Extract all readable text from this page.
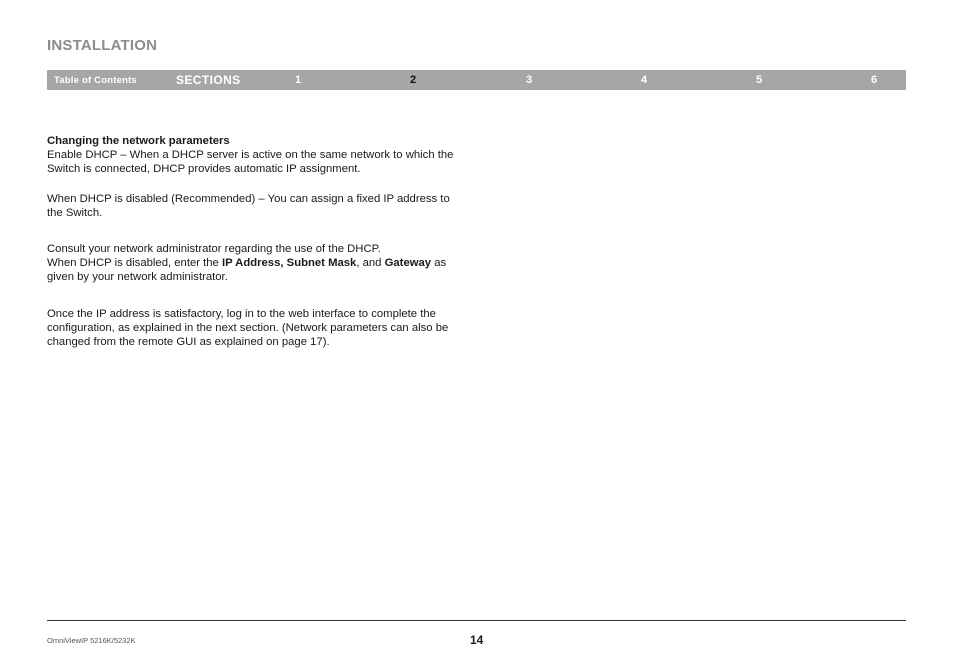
INSTALLATION
Table of Contents	SECTIONS	1	2	3	4	5	6

Changing the network parameters

Enable DHCP – When a DHCP server is active on the same network to which the Switch is connected, DHCP provides automatic IP assignment.

When DHCP is disabled (Recommended) – You can assign a fixed IP address to the Switch.

Consult your network administrator regarding the use of the DHCP.
When DHCP is disabled, enter the IP Address, Subnet Mask, and Gateway as given by your network administrator.

Once the IP address is satisfactory, log in to the web interface to complete the configuration, as explained in the next section. (Network parameters can also be changed from the remote GUI as explained on page 17).

OmniViewIP 5216K/5232K	14
